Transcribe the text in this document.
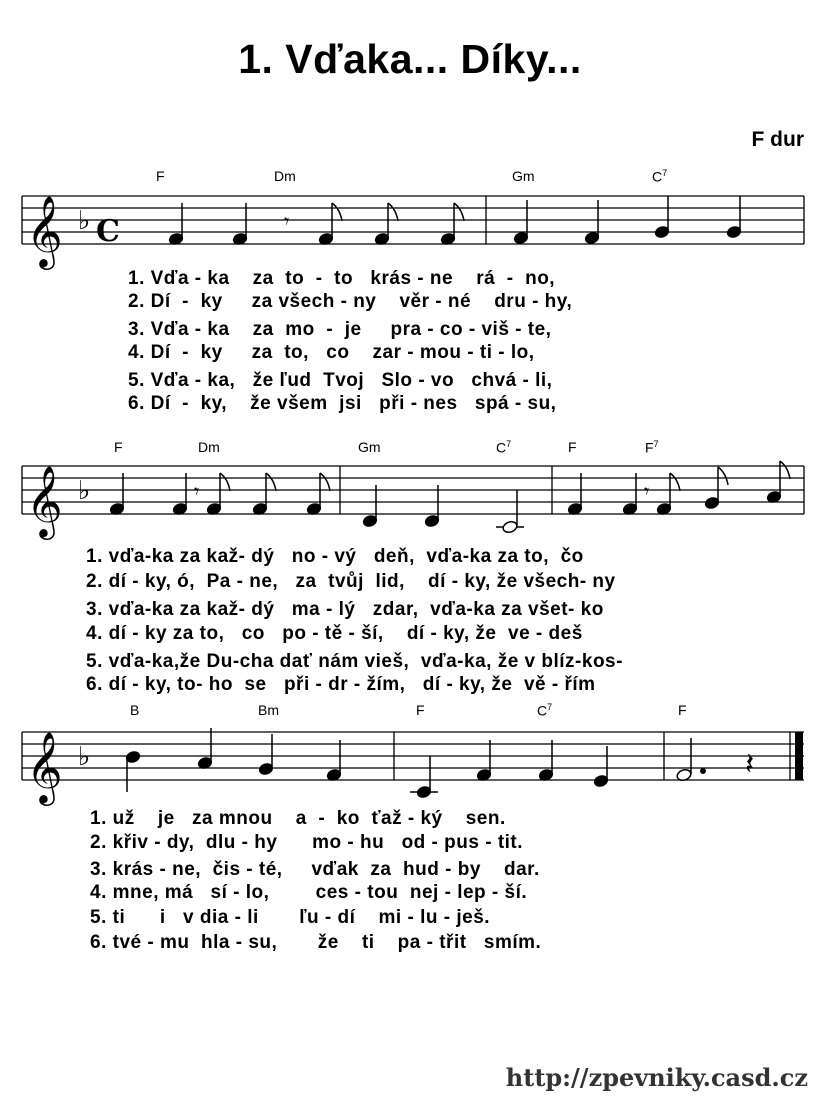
1. Vďaka... Díky...
F dur
𝄞 ♭ C	𝄾
𝄞 ♭	𝄾	𝄾
𝄞 ♭	𝄽
F	Dm	Gm	$C^7$
1. Vďa - ka    za  to  -  to   krás - ne    rá  -  no,
2. Dí  -  ky     za všech - ny    věr - né    dru - hy,
3. Vďa - ka    za  mo  -  je     pra - co - viš - te,
4. Dí  -  ky     za  to,   co    zar - mou - ti - lo,
5. Vďa - ka,   že ľud  Tvoj   Slo - vo   chvá - li,
6. Dí  -  ky,    že všem  jsi   při - nes   spá - su,
F	Dm	Gm	$C^7$	F	$F^7$
1. vďa-ka za kaž- dý   no - vý   deň,  vďa-ka za to,  čo
2. dí - ky, ó,  Pa - ne,   za  tvůj  lid,    dí - ky, že všech- ny
3. vďa-ka za kaž- dý   ma - lý   zdar,  vďa-ka za všet- ko
4. dí - ky za to,   co   po - tě - ší,    dí - ky, že  ve - deš
5. vďa-ka,že Du-cha dať nám vieš,  vďa-ka, že v blíz-kos-
6. dí - ky, to- ho  se   při - dr - žím,   dí - ky, že  vě - řím
B	Bm	F	$C^7$	F
1. už    je   za mnou    a  -  ko  ťaž - ký    sen.
2. křiv - dy,  dlu - hy      mo - hu   od - pus - tit.
3. krás - ne,  čis - té,     vďak  za  hud - by    dar.
4. mne, má   sí - lo,        ces - tou  nej - lep - ší.
5. ti      i   v dia - li       ľu - dí    mi - lu - ješ.
6. tvé - mu  hla - su,       že    ti    pa - třit   smím.
http://zpevniky.casd.cz
